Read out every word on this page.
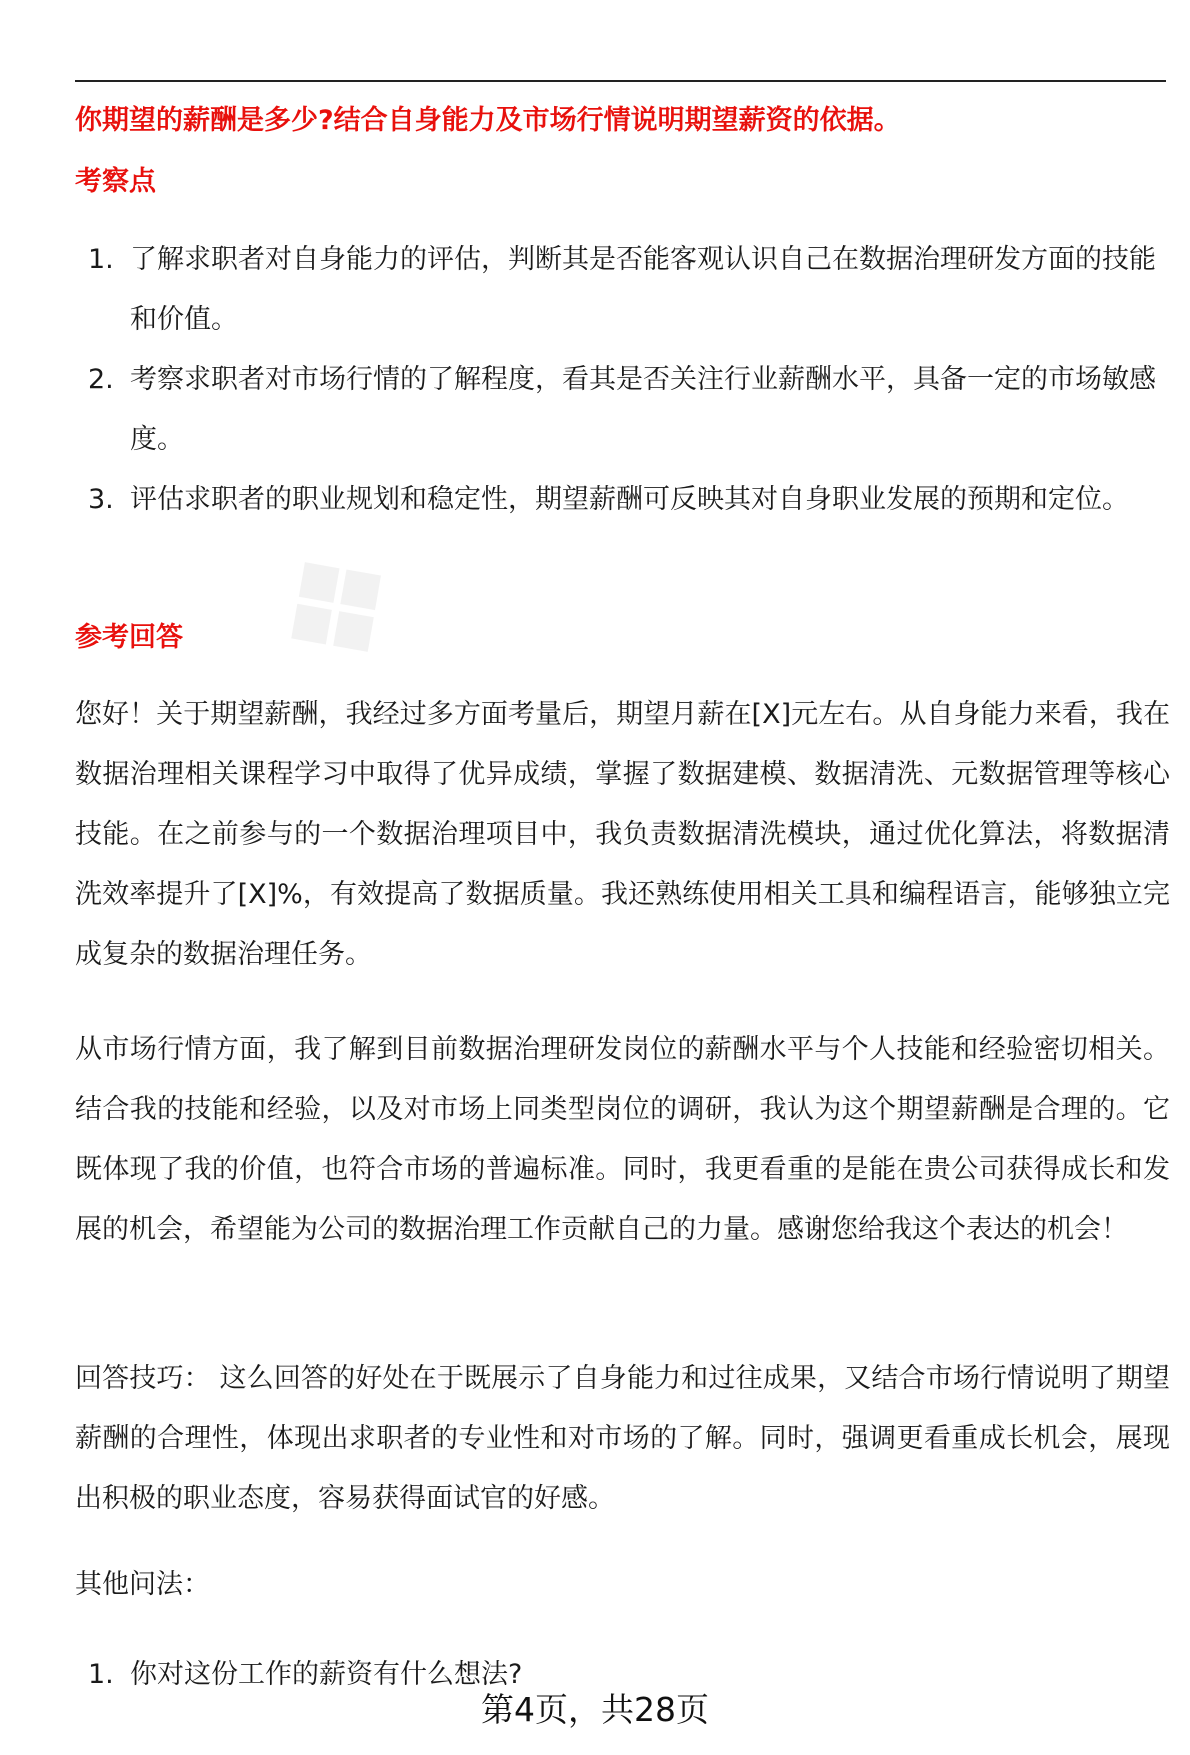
❖
你期望的薪酬是多少?结合自身能力及市场行情说明期望薪资的依据。
考察点
1. 了解求职者对自身能力的评估，判断其是否能客观认识自己在数据治理研发方面的技能和价值。
2. 考察求职者对市场行情的了解程度，看其是否关注行业薪酬水平，具备一定的市场敏感度。
3. 评估求职者的职业规划和稳定性，期望薪酬可反映其对自身职业发展的预期和定位。
参考回答

您好！关于期望薪酬，我经过多方面考量后，期望月薪在[X]元左右。从自身能力来看，我在数据治理相关课程学习中取得了优异成绩，掌握了数据建模、数据清洗、元数据管理等核心技能。在之前参与的一个数据治理项目中，我负责数据清洗模块，通过优化算法，将数据清洗效率提升了[X]%，有效提高了数据质量。我还熟练使用相关工具和编程语言，能够独立完成复杂的数据治理任务。

从市场行情方面，我了解到目前数据治理研发岗位的薪酬水平与个人技能和经验密切相关。结合我的技能和经验，以及对市场上同类型岗位的调研，我认为这个期望薪酬是合理的。它既体现了我的价值，也符合市场的普遍标准。同时，我更看重的是能在贵公司获得成长和发展的机会，希望能为公司的数据治理工作贡献自己的力量。感谢您给我这个表达的机会！

回答技巧： 这么回答的好处在于既展示了自身能力和过往成果，又结合市场行情说明了期望薪酬的合理性，体现出求职者的专业性和对市场的了解。同时，强调更看重成长机会，展现出积极的职业态度，容易获得面试官的好感。

其他问法：

1. 你对这份工作的薪资有什么想法?
第4页，共28页
